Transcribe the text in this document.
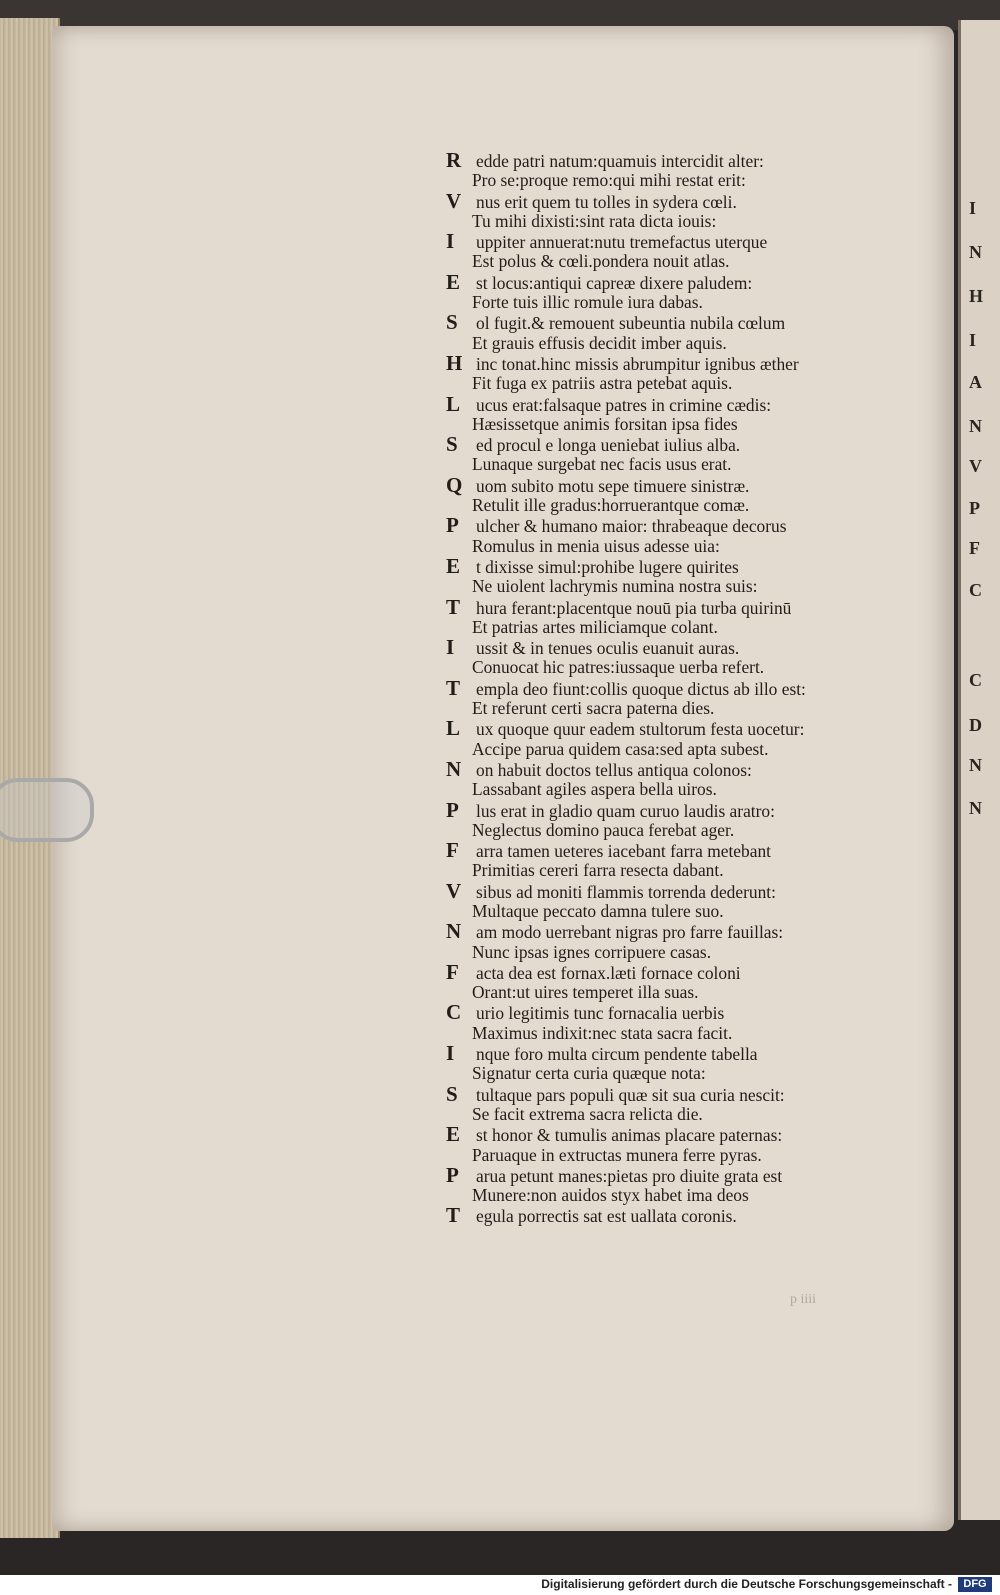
I
N
H
I
A
N
V
P
F
C
C
D
N
N
R edde patri natum:quamuis intercidit alter:
Pro se:proque remo:qui mihi restat erit:
V nus erit quem tu tolles in sydera cœli.
Tu mihi dixisti:sint rata dicta iouis:
I uppiter annuerat:nutu tremefactus uterque
Est polus & cœli.pondera nouit atlas.
E st locus:antiqui capreæ dixere paludem:
Forte tuis illic romule iura dabas.
S ol fugit.& remouent subeuntia nubila cœlum
Et grauis effusis decidit imber aquis.
H inc tonat.hinc missis abrumpitur ignibus æther
Fit fuga ex patriis astra petebat aquis.
L ucus erat:falsaque patres in crimine cædis:
Hæsissetque animis forsitan ipsa fides
S ed procul e longa ueniebat iulius alba.
Lunaque surgebat nec facis usus erat.
Q uom subito motu sepe timuere sinistræ.
Retulit ille gradus:horruerantque comæ.
P ulcher & humano maior: thrabeaque decorus
Romulus in menia uisus adesse uia:
E t dixisse simul:prohibe lugere quirites
Ne uiolent lachrymis numina nostra suis:
T hura ferant:placentque nouū pia turba quirinū
Et patrias artes miliciamque colant.
I ussit & in tenues oculis euanuit auras.
Conuocat hic patres:iussaque uerba refert.
T empla deo fiunt:collis quoque dictus ab illo est:
Et referunt certi sacra paterna dies.
L ux quoque quur eadem stultorum festa uocetur:
Accipe parua quidem casa:sed apta subest.
N on habuit doctos tellus antiqua colonos:
Lassabant agiles aspera bella uiros.
P lus erat in gladio quam curuo laudis aratro:
Neglectus domino pauca ferebat ager.
F arra tamen ueteres iacebant farra metebant
Primitias cereri farra resecta dabant.
V sibus ad moniti flammis torrenda dederunt:
Multaque peccato damna tulere suo.
N am modo uerrebant nigras pro farre fauillas:
Nunc ipsas ignes corripuere casas.
F acta dea est fornax.læti fornace coloni
Orant:ut uires temperet illa suas.
C urio legitimis tunc fornacalia uerbis
Maximus indixit:nec stata sacra facit.
I nque foro multa circum pendente tabella
Signatur certa curia quæque nota:
S tultaque pars populi quæ sit sua curia nescit:
Se facit extrema sacra relicta die.
E st honor & tumulis animas placare paternas:
Paruaque in extructas munera ferre pyras.
P arua petunt manes:pietas pro diuite grata est
Munere:non auidos styx habet ima deos
T egula porrectis sat est uallata coronis.
p iiii
Digitalisierung gefördert durch die Deutsche Forschungsgemeinschaft -	DFG
